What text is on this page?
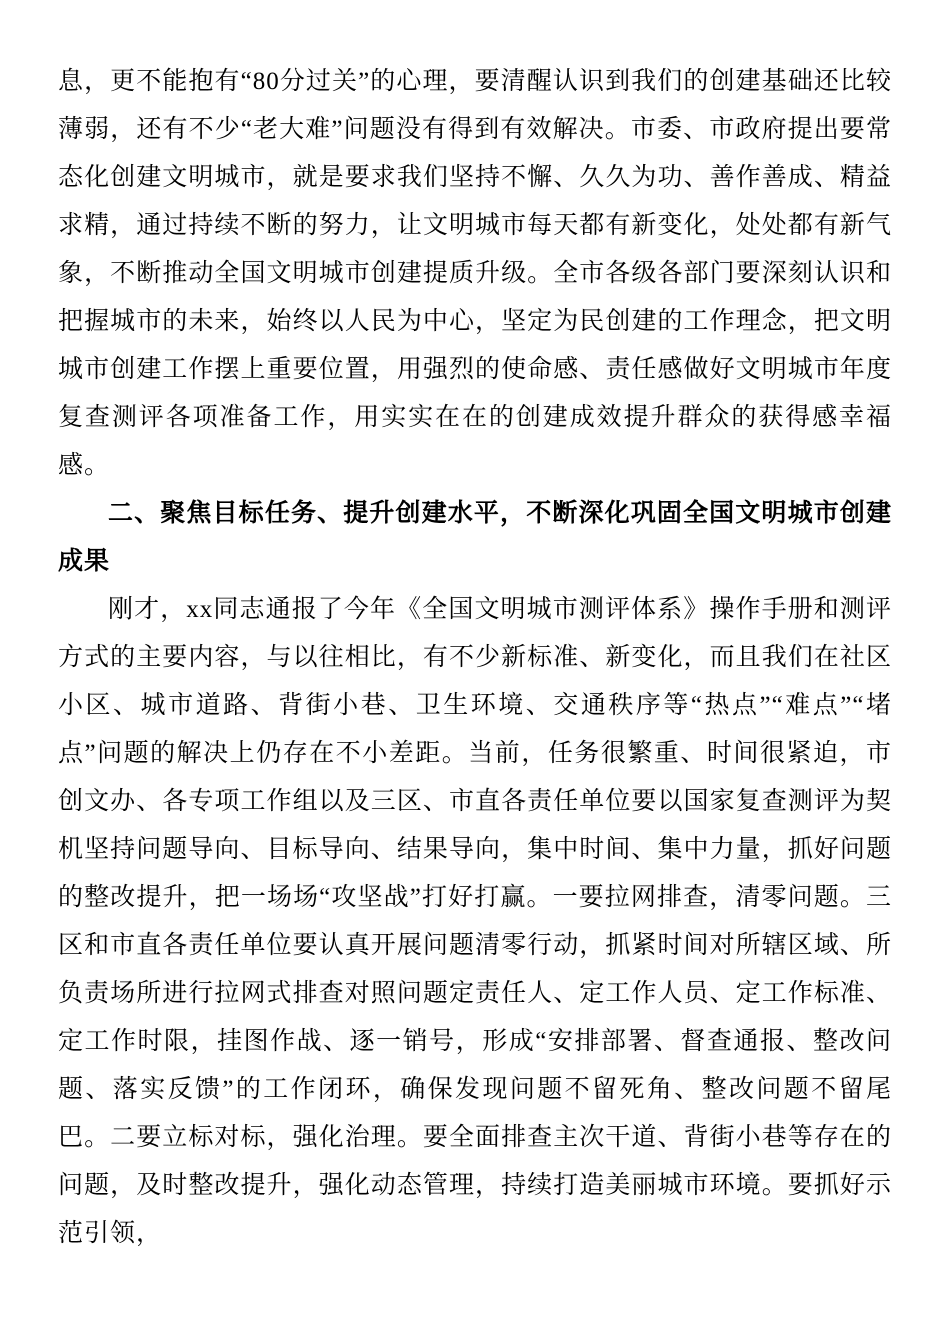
息，更不能抱有“80分过关”的心理，要清醒认识到我们的创建基础还比较薄弱，还有不少“老大难”问题没有得到有效解决。市委、市政府提出要常态化创建文明城市，就是要求我们坚持不懈、久久为功、善作善成、精益求精，通过持续不断的努力，让文明城市每天都有新变化，处处都有新气象，不断推动全国文明城市创建提质升级。全市各级各部门要深刻认识和把握城市的未来，始终以人民为中心，坚定为民创建的工作理念，把文明城市创建工作摆上重要位置，用强烈的使命感、责任感做好文明城市年度复查测评各项准备工作，用实实在在的创建成效提升群众的获得感幸福感。

二、聚焦目标任务、提升创建水平，不断深化巩固全国文明城市创建成果

刚才，xx同志通报了今年《全国文明城市测评体系》操作手册和测评方式的主要内容，与以往相比，有不少新标准、新变化，而且我们在社区小区、城市道路、背街小巷、卫生环境、交通秩序等“热点”“难点”“堵点”问题的解决上仍存在不小差距。当前，任务很繁重、时间很紧迫，市创文办、各专项工作组以及三区、市直各责任单位要以国家复查测评为契机坚持问题导向、目标导向、结果导向，集中时间、集中力量，抓好问题的整改提升，把一场场“攻坚战”打好打赢。一要拉网排查，清零问题。三区和市直各责任单位要认真开展问题清零行动，抓紧时间对所辖区域、所负责场所进行拉网式排查对照问题定责任人、定工作人员、定工作标准、定工作时限，挂图作战、逐一销号，形成“安排部署、督查通报、整改问题、落实反馈”的工作闭环，确保发现问题不留死角、整改问题不留尾巴。二要立标对标，强化治理。要全面排查主次干道、背街小巷等存在的问题，及时整改提升，强化动态管理，持续打造美丽城市环境。要抓好示范引领，
